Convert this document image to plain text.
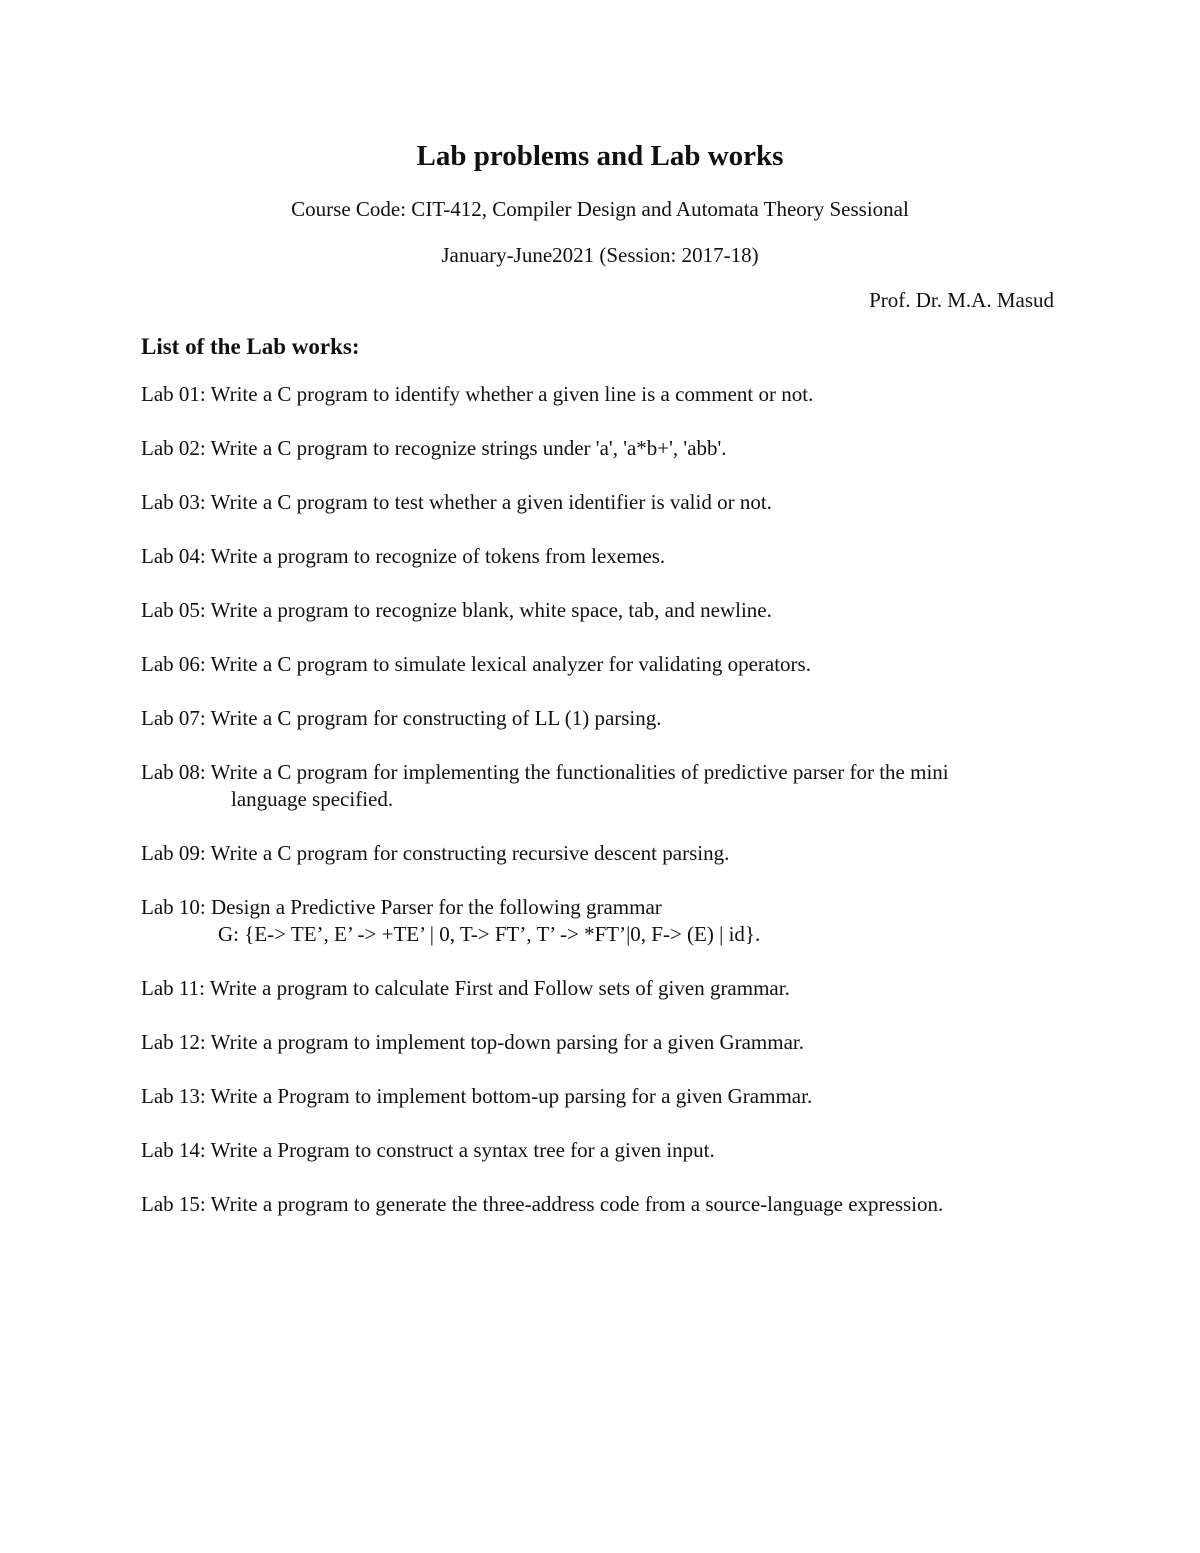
Lab problems and Lab works
Course Code: CIT-412, Compiler Design and Automata Theory Sessional
January-June2021 (Session: 2017-18)
Prof. Dr. M.A. Masud
List of the Lab works:
Lab 01: Write a C program to identify whether a given line is a comment or not.
Lab 02: Write a C program to recognize strings under 'a', 'a*b+', 'abb'.
Lab 03: Write a C program to test whether a given identifier is valid or not.
Lab 04: Write a program to recognize of tokens from lexemes.
Lab 05: Write a program to recognize blank, white space, tab, and newline.
Lab 06: Write a C program to simulate lexical analyzer for validating operators.
Lab 07: Write a C program for constructing of LL (1) parsing.
Lab 08: Write a C program for implementing the functionalities of predictive parser for the mini
language specified.
Lab 09: Write a C program for constructing recursive descent parsing.
Lab 10: Design a Predictive Parser for the following grammar
G: {E-> TE’, E’ -> +TE’ | 0, T-> FT’, T’ -> *FT’|0, F-> (E) | id}.
Lab 11: Write a program to calculate First and Follow sets of given grammar.
Lab 12: Write a program to implement top-down parsing for a given Grammar.
Lab 13: Write a Program to implement bottom-up parsing for a given Grammar.
Lab 14: Write a Program to construct a syntax tree for a given input.
Lab 15: Write a program to generate the three-address code from a source-language expression.
